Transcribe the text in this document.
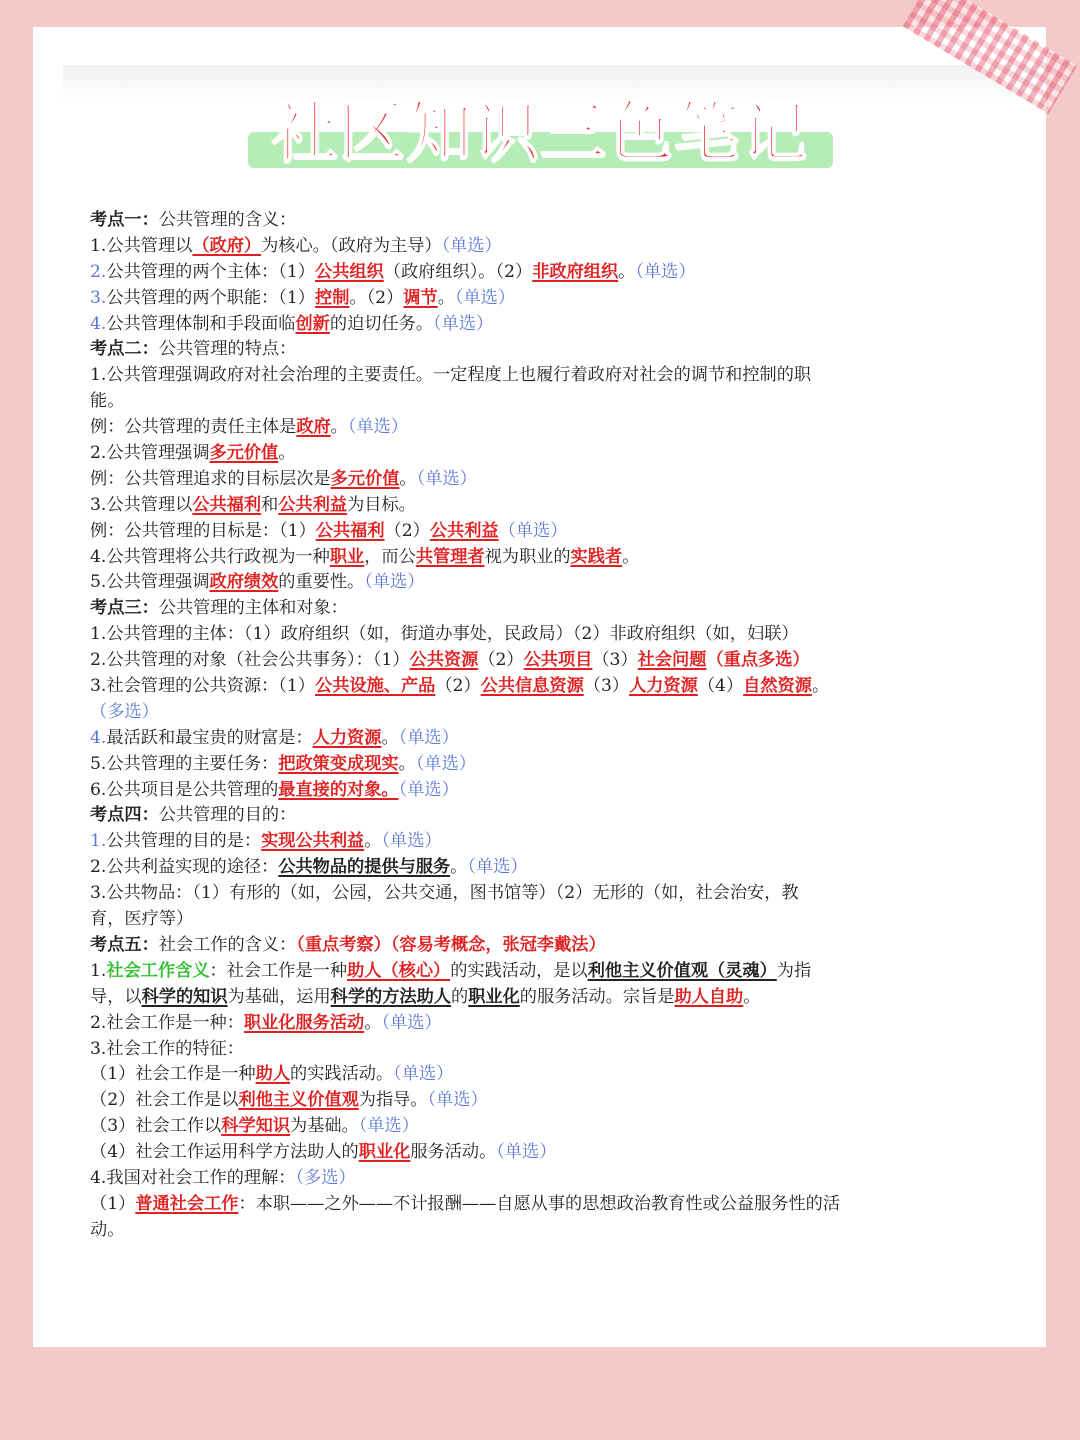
社区知识三色笔记
考点一：公共管理的含义：
1.公共管理以（政府）为核心。（政府为主导）（单选）
2.公共管理的两个主体：（1）公共组织（政府组织）。（2）非政府组织。（单选）
3.公共管理的两个职能：（1）控制。（2）调节。（单选）
4.公共管理体制和手段面临创新的迫切任务。（单选）
考点二：公共管理的特点：
1.公共管理强调政府对社会治理的主要责任。一定程度上也履行着政府对社会的调节和控制的职
能。
例：公共管理的责任主体是政府。（单选）
2.公共管理强调多元价值。
例：公共管理追求的目标层次是多元价值。（单选）
3.公共管理以公共福利和公共利益为目标。
例：公共管理的目标是：（1）公共福利（2）公共利益（单选）
4.公共管理将公共行政视为一种职业，而公共管理者视为职业的实践者。
5.公共管理强调政府绩效的重要性。（单选）
考点三：公共管理的主体和对象：
1.公共管理的主体：（1）政府组织（如，街道办事处，民政局）（2）非政府组织（如，妇联）
2.公共管理的对象（社会公共事务）：（1）公共资源（2）公共项目（3）社会问题（重点多选）
3.社会管理的公共资源：（1）公共设施、产品（2）公共信息资源（3）人力资源（4）自然资源。
（多选）
4.最活跃和最宝贵的财富是：人力资源。（单选）
5.公共管理的主要任务：把政策变成现实。（单选）
6.公共项目是公共管理的最直接的对象。（单选）
考点四：公共管理的目的：
1.公共管理的目的是：实现公共利益。（单选）
2.公共利益实现的途径：公共物品的提供与服务。（单选）
3.公共物品：（1）有形的（如，公园，公共交通，图书馆等）（2）无形的（如，社会治安，教
育，医疗等）
考点五：社会工作的含义：（重点考察）（容易考概念，张冠李戴法）
1.社会工作含义：社会工作是一种助人（核心）的实践活动，是以利他主义价值观（灵魂）为指
导，以科学的知识为基础，运用科学的方法助人的职业化的服务活动。宗旨是助人自助。
2.社会工作是一种：职业化服务活动。（单选）
3.社会工作的特征：
（1）社会工作是一种助人的实践活动。（单选）
（2）社会工作是以利他主义价值观为指导。（单选）
（3）社会工作以科学知识为基础。（单选）
（4）社会工作运用科学方法助人的职业化服务活动。（单选）
4.我国对社会工作的理解：（多选）
（1）普通社会工作：本职——之外——不计报酬——自愿从事的思想政治教育性或公益服务性的活
动。
